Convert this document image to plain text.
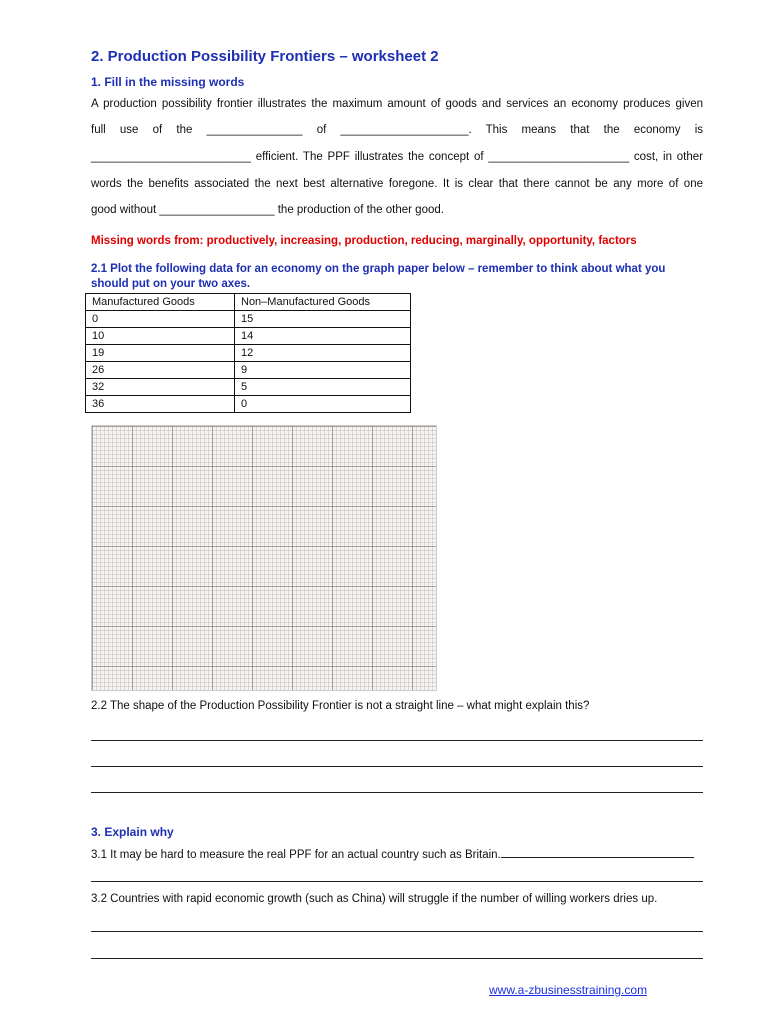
2. Production Possibility Frontiers – worksheet 2
1. Fill in the missing words
A production possibility frontier illustrates the maximum amount of goods and services an economy produces given
full use of the _______________ of ____________________. This means that the economy is
_________________________ efficient. The PPF illustrates the concept of ______________________ cost, in other
words the benefits associated the next best alternative foregone. It is clear that there cannot be any more of one
good without __________________ the production of the other good.
Missing words from: productively, increasing, production, reducing, marginally, opportunity, factors
2.1 Plot the following data for an economy on the graph paper below – remember to think about what you should put on your two axes.
Manufactured Goods	Non–Manufactured Goods
0	15
10	14
19	12
26	9
32	5
36	0
2.2 The shape of the Production Possibility Frontier is not a straight line – what might explain this?
3. Explain why
3.1 It may be hard to measure the real PPF for an actual country such as Britain.
3.2 Countries with rapid economic growth (such as China) will struggle if the number of willing workers dries up.
www.a-zbusinesstraining.com
